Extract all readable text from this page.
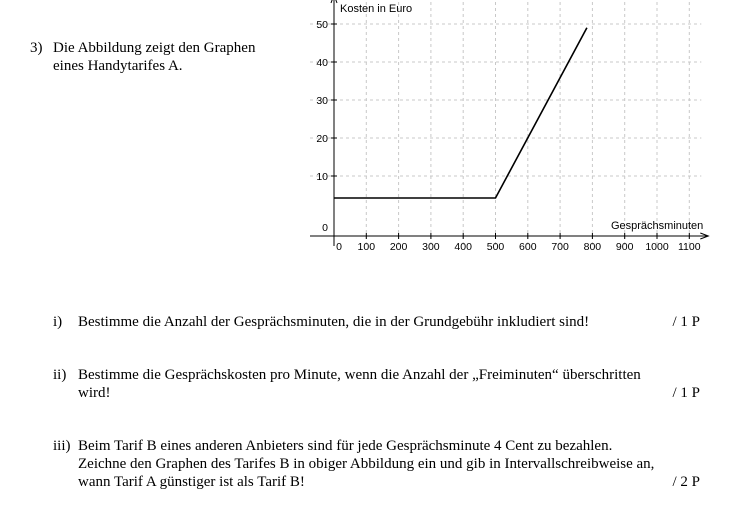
3) Die Abbildung zeigt den Graphen
eines Handytarifes A.
0 100 200 300 400 500 600 700 800 900 1000 1100
10
20
30
40
50
0
Kosten in Euro
Gesprächsminuten
i) Bestimme die Anzahl der Gesprächsminuten, die in der Grundgebühr inkludiert sind!	/ 1 P
ii) Bestimme die Gesprächskosten pro Minute, wenn die Anzahl der „Freiminuten“ überschritten
wird!	/ 1 P
iii) Beim Tarif B eines anderen Anbieters sind für jede Gesprächsminute 4 Cent zu bezahlen.
Zeichne den Graphen des Tarifes B in obiger Abbildung ein und gib in Intervallschreibweise an,
wann Tarif A günstiger ist als Tarif B!	/ 2 P
